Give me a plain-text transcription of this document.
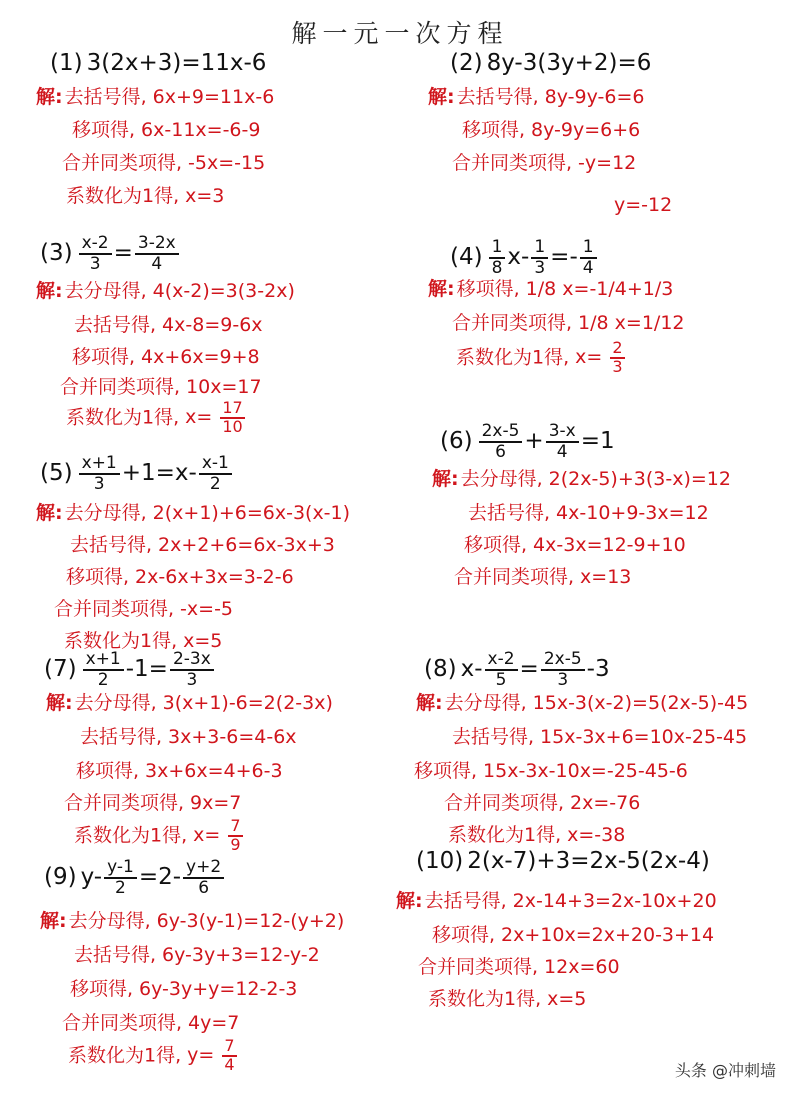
解一元一次方程
(1) 3(2x+3)=11x-6
解: 去括号得, 6x+9=11x-6
移项得, 6x-11x=-6-9
合并同类项得, -5x=-15
系数化为1得, x=3
(2) 8y-3(3y+2)=6
解: 去括号得, 8y-9y-6=6
移项得, 8y-9y=6+6
合并同类项得, -y=12
y=-12
$(3) \frac{x-2}{3} = \frac{3-2x}{4}$
解: 去分母得, 4(x-2)=3(3-2x)
去括号得, 4x-8=9-6x
移项得, 4x+6x=9+8
合并同类项得, 10x=17
系数化为1得, $x= \frac{17}{10}$
$(4) \frac{1}{8} x- \frac{1}{3} =- \frac{1}{4}$
解: 移项得, 1/8 x=-1/4+1/3
合并同类项得, 1/8 x=1/12
系数化为1得, $x= \frac{2}{3}$
$(5) \frac{x+1}{3} +1=x- \frac{x-1}{2}$
解: 去分母得, 2(x+1)+6=6x-3(x-1)
去括号得, 2x+2+6=6x-3x+3
移项得, 2x-6x+3x=3-2-6
合并同类项得, -x=-5
系数化为1得, x=5
$(6) \frac{2x-5}{6} + \frac{3-x}{4} =1$
解: 去分母得, 2(2x-5)+3(3-x)=12
去括号得, 4x-10+9-3x=12
移项得, 4x-3x=12-9+10
合并同类项得, x=13
$(7) \frac{x+1}{2} -1= \frac{2-3x}{3}$
解: 去分母得, 3(x+1)-6=2(2-3x)
去括号得, 3x+3-6=4-6x
移项得, 3x+6x=4+6-3
合并同类项得, 9x=7
系数化为1得, $x= \frac{7}{9}$
(8) $x- \frac{x-2}{5} = \frac{2x-5}{3} -3$
解: 去分母得, 15x-3(x-2)=5(2x-5)-45
去括号得, 15x-3x+6=10x-25-45
移项得, 15x-3x-10x=-25-45-6
合并同类项得, 2x=-76
系数化为1得, x=-38
(9) $y- \frac{y-1}{2} =2- \frac{y+2}{6}$
解: 去分母得, 6y-3(y-1)=12-(y+2)
去括号得, 6y-3y+3=12-y-2
移项得, 6y-3y+y=12-2-3
合并同类项得, 4y=7
系数化为1得, $y= \frac{7}{4}$
(10) 2(x-7)+3=2x-5(2x-4)
解: 去括号得, 2x-14+3=2x-10x+20
移项得, 2x+10x=2x+20-3+14
合并同类项得, 12x=60
系数化为1得, x=5
头条 @冲刺墙
